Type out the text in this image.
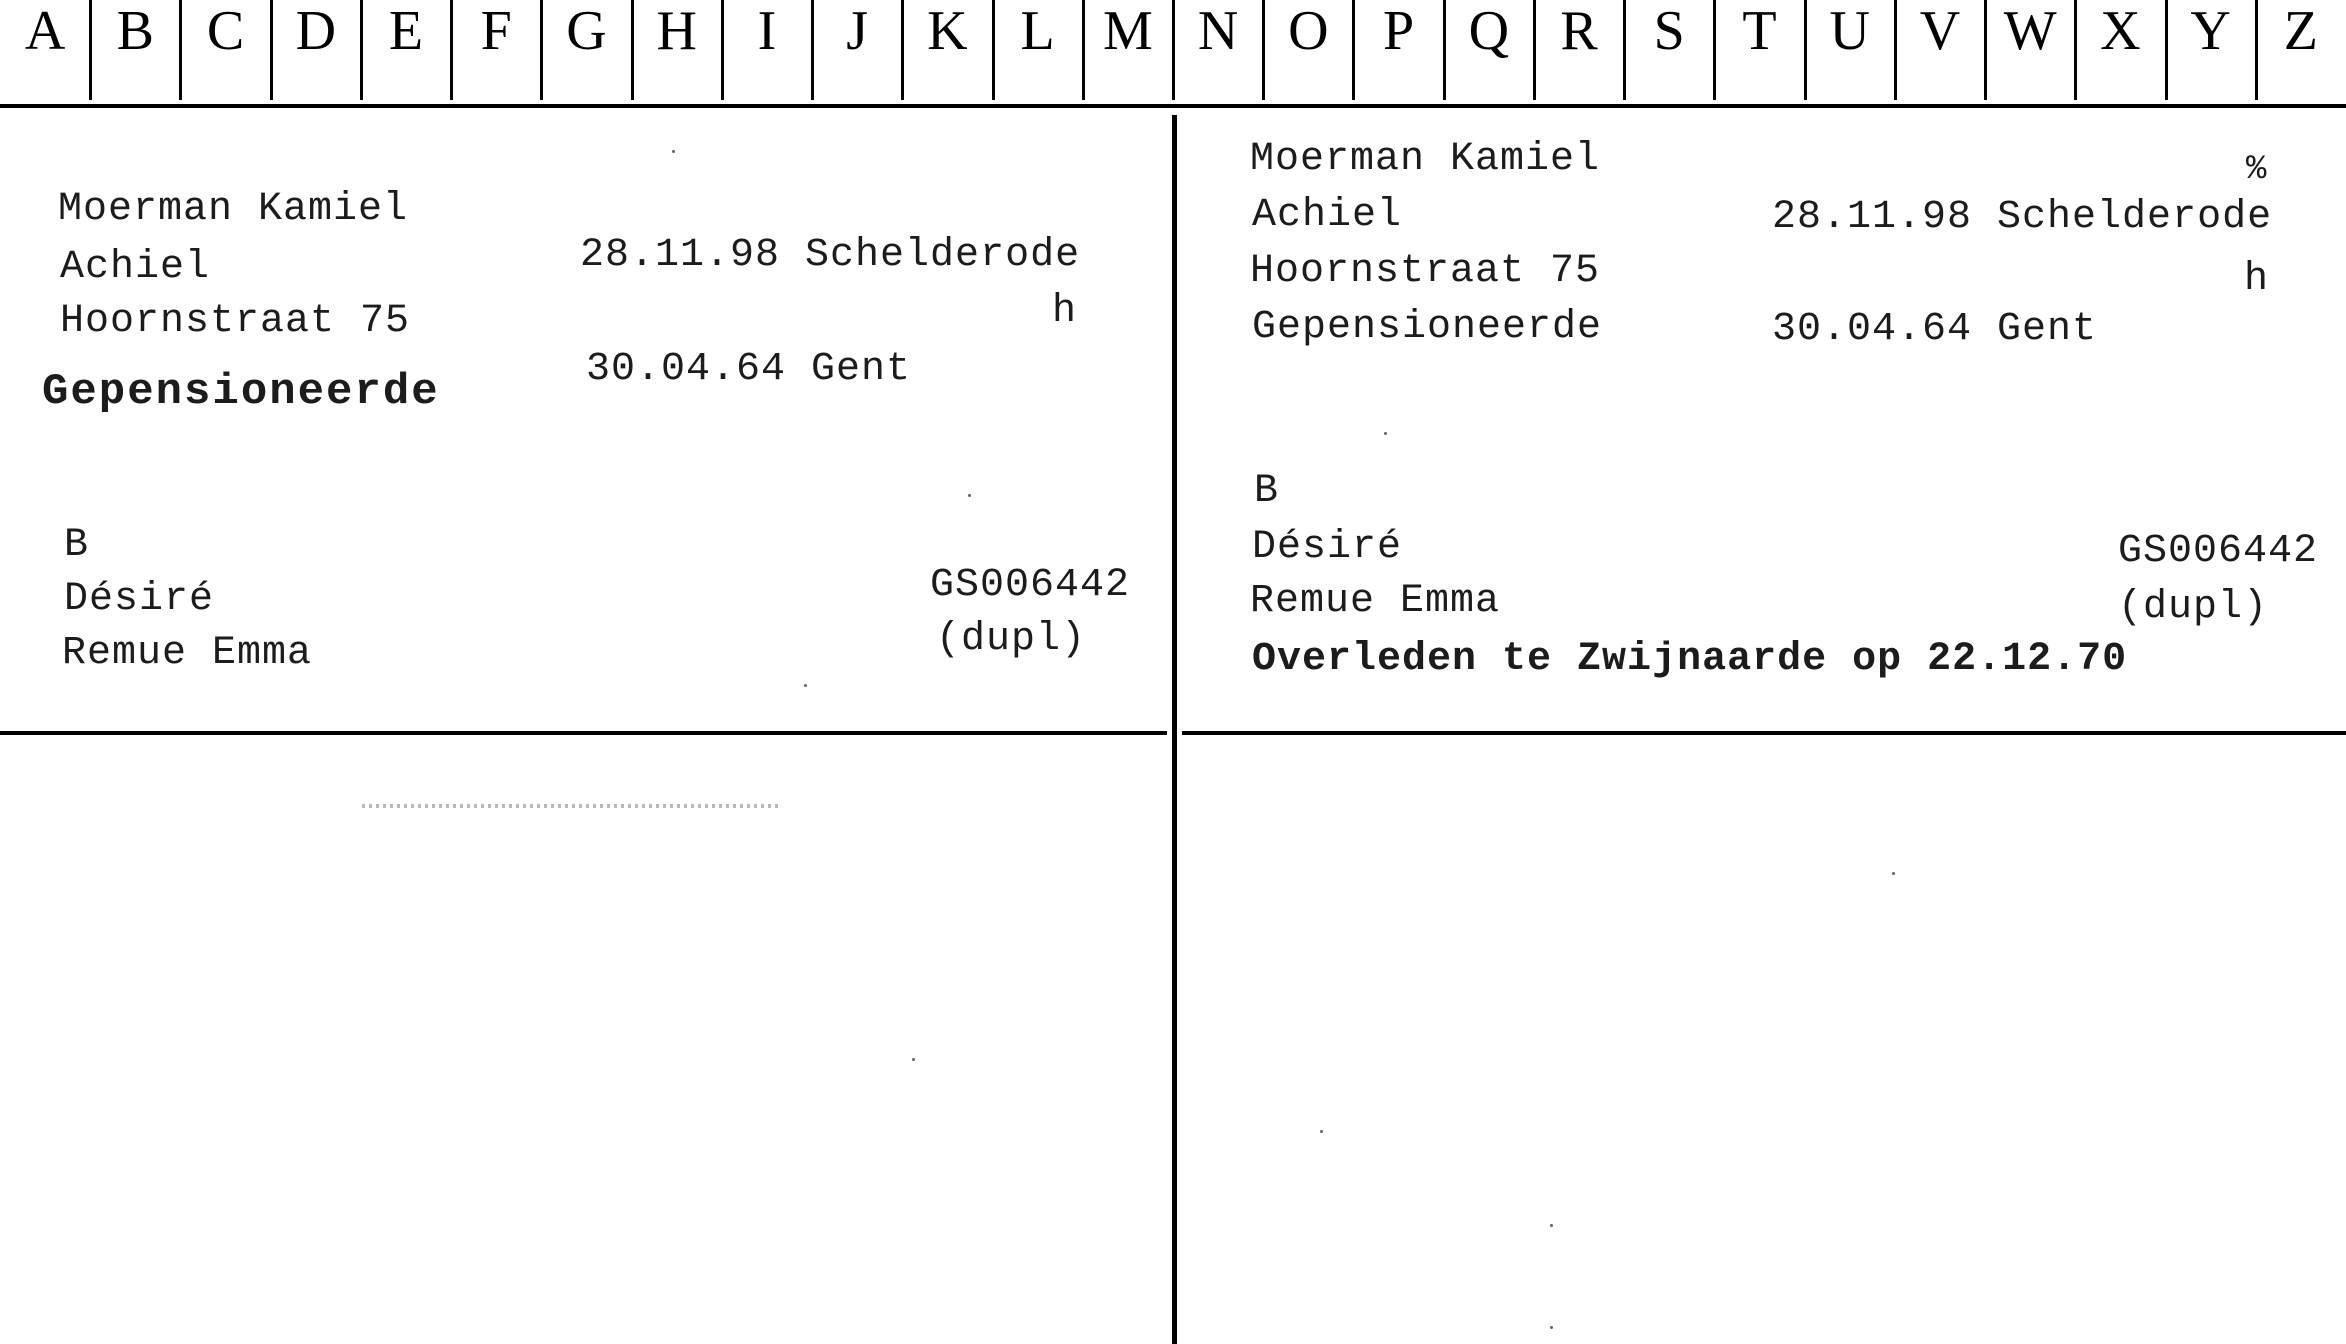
A B C D E	F G H	I	J	K L M N O P Q R S	T U V W X Y Z
Moerman Kamiel
Achiel	28.11.98 Schelderode
Hoornstraat 75	h
Gepensioneerde	30.04.64 Gent
B
Désiré	GS006442
Remue Emma	(dupl)
Moerman Kamiel	%
Achiel	28.11.98 Schelderode
Hoornstraat 75	h
Gepensioneerde	30.04.64 Gent
B
Désiré	GS006442
Remue Emma	(dupl)
Overleden te Zwijnaarde op 22.12.70
